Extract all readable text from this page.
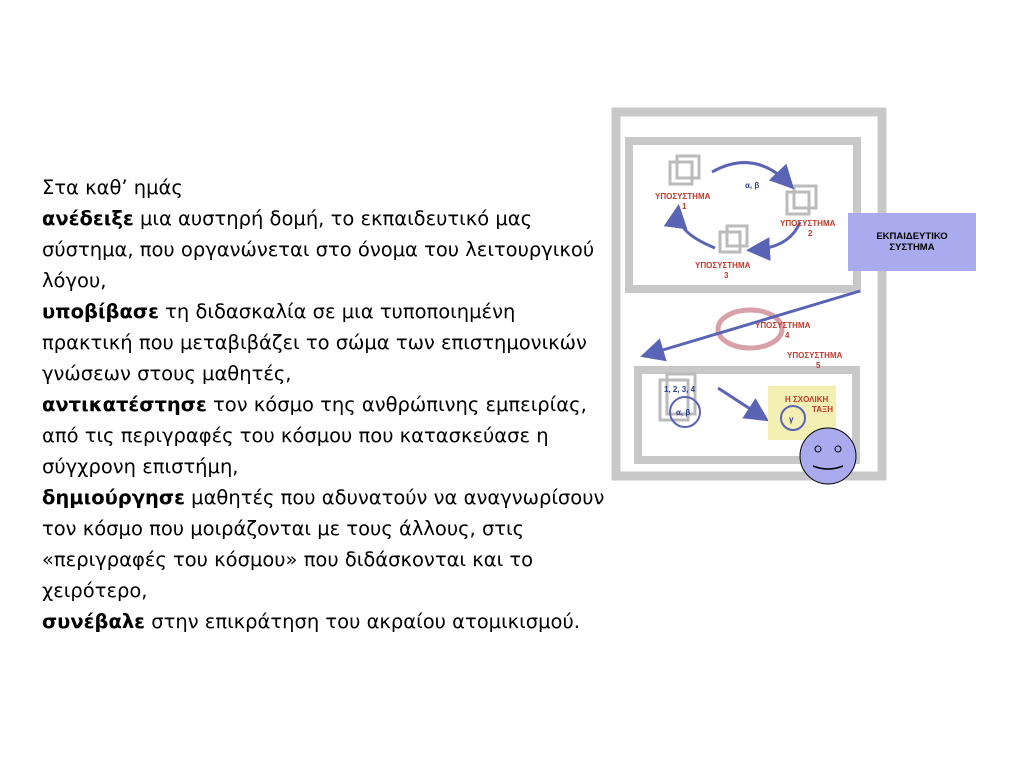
Στα καθ’ ημάς

ανέδειξε μια αυστηρή δομή, το εκπαιδευτικό μας σύστημα, που οργανώνεται στο όνομα του λειτουργικού λόγου,

υποβίβασε τη διδασκαλία σε μια τυποποιημένη πρακτική που μεταβιβάζει το σώμα των επιστημονικών γνώσεων στους μαθητές,

αντικατέστησε τον κόσμο της ανθρώπινης εμπειρίας, από τις περιγραφές του κόσμου που κατασκεύασε η σύγχρονη επιστήμη,

δημιούργησε μαθητές που αδυνατούν να αναγνωρίσουν τον κόσμο που μοιράζονται με τους άλλους, στις «περιγραφές του κόσμου» που διδάσκονται και το χειρότερο,

συνέβαλε στην επικράτηση του ακραίου ατομικισμού.

α, β
ΥΠΟΣΥΣΤΗΜΑ 1
ΥΠΟΣΥΣΤΗΜΑ 2
ΥΠΟΣΥΣΤΗΜΑ 3
ΥΠΟΣΥΣΤΗΜΑ 4
ΥΠΟΣΥΣΤΗΜΑ 5
ΕΚΠΑΙΔΕΥΤΙΚΟ ΣΥΣΤΗΜΑ
1, 2, 3, 4
α, β
Η ΣΧΟΛΙΚΗ ΤΑΞΗ
γ
